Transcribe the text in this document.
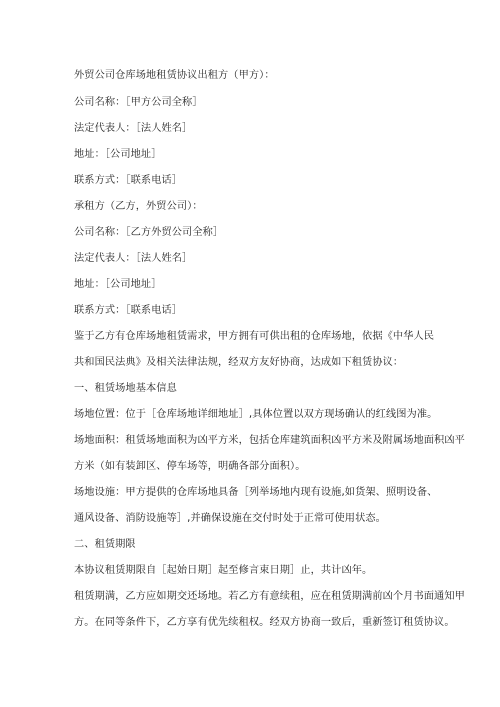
外贸公司仓库场地租赁协议出租方（甲方）：
公司名称：［甲方公司全称］
法定代表人：［法人姓名］
地址：［公司地址］
联系方式：［联系电话］
承租方（乙方，外贸公司）：
公司名称：［乙方外贸公司全称］
法定代表人：［法人姓名］
地址：［公司地址］
联系方式：［联系电话］
鉴于乙方有仓库场地租赁需求，甲方拥有可供出租的仓库场地，依据《中华人民
共和国民法典》及相关法律法规，经双方友好协商，达成如下租赁协议：
一、租赁场地基本信息
场地位置：位于［仓库场地详细地址］,具体位置以双方现场确认的红线图为准。
场地面积：租赁场地面积为凶平方米，包括仓库建筑面积凶平方米及附属场地面积凶平
方米（如有装卸区、停车场等，明确各部分面积）。
场地设施：甲方提供的仓库场地具备［列举场地内现有设施,如货架、照明设备、
通风设备、消防设施等］,并确保设施在交付时处于正常可使用状态。
二、租赁期限
本协议租赁期限自［起始日期］起至修言束日期］止，共计凶年。
租赁期满，乙方应如期交还场地。若乙方有意续租，应在租赁期满前凶个月书面通知甲
方。在同等条件下，乙方享有优先续租权。经双方协商一致后，重新签订租赁协议。
